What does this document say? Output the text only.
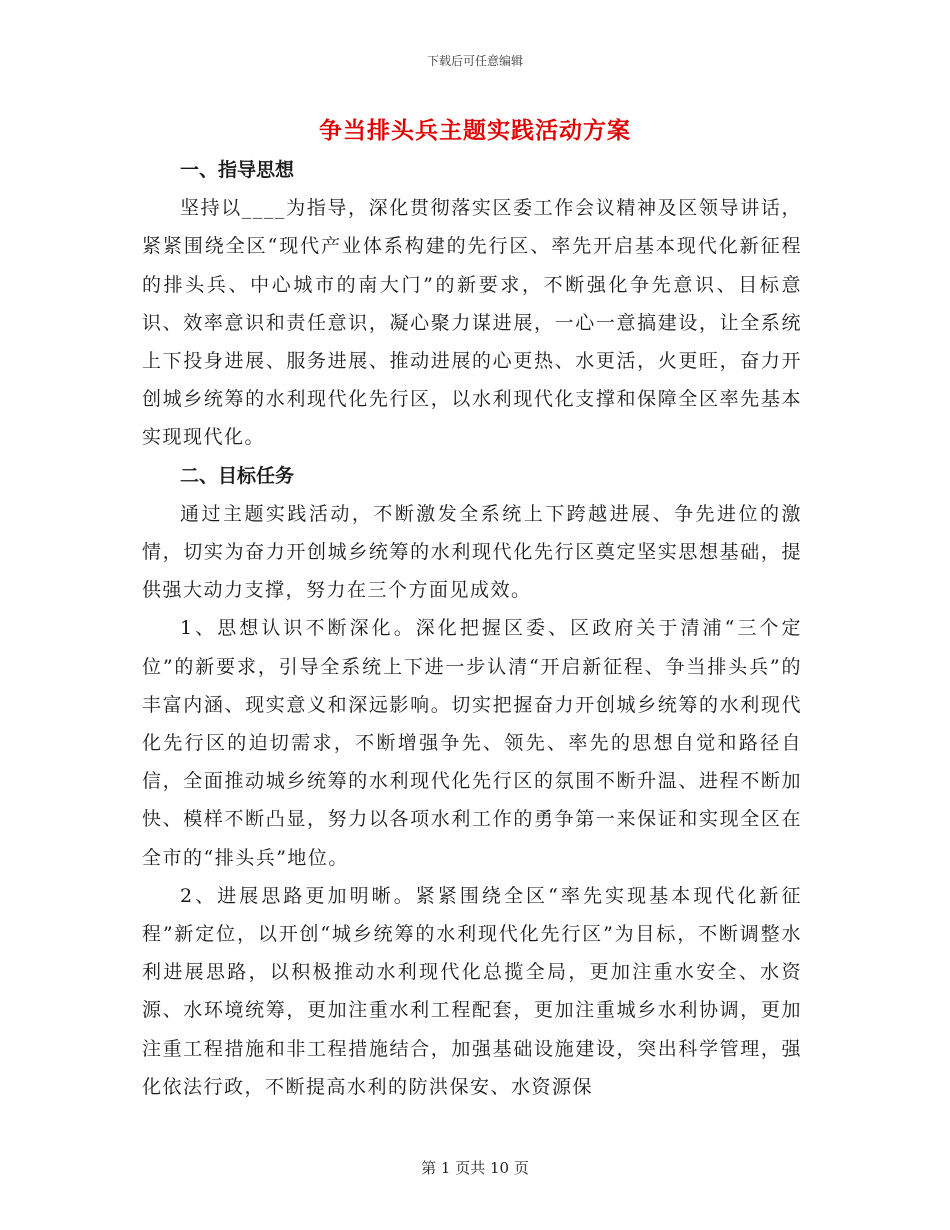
下载后可任意编辑
争当排头兵主题实践活动方案

一、指导思想

坚持以____为指导，深化贯彻落实区委工作会议精神及区领导讲话，紧紧围绕全区“现代产业体系构建的先行区、率先开启基本现代化新征程的排头兵、中心城市的南大门”的新要求，不断强化争先意识、目标意识、效率意识和责任意识，凝心聚力谋进展，一心一意搞建设，让全系统上下投身进展、服务进展、推动进展的心更热、水更活，火更旺，奋力开创城乡统筹的水利现代化先行区，以水利现代化支撑和保障全区率先基本实现现代化。

二、目标任务

通过主题实践活动，不断激发全系统上下跨越进展、争先进位的激情，切实为奋力开创城乡统筹的水利现代化先行区奠定坚实思想基础，提供强大动力支撑，努力在三个方面见成效。

1、思想认识不断深化。深化把握区委、区政府关于清浦“三个定位”的新要求，引导全系统上下进一步认清“开启新征程、争当排头兵”的丰富内涵、现实意义和深远影响。切实把握奋力开创城乡统筹的水利现代化先行区的迫切需求，不断增强争先、领先、率先的思想自觉和路径自信，全面推动城乡统筹的水利现代化先行区的氛围不断升温、进程不断加快、模样不断凸显，努力以各项水利工作的勇争第一来保证和实现全区在全市的“排头兵”地位。

2、进展思路更加明晰。紧紧围绕全区“率先实现基本现代化新征程”新定位，以开创“城乡统筹的水利现代化先行区”为目标，不断调整水利进展思路，以积极推动水利现代化总揽全局，更加注重水安全、水资源、水环境统筹，更加注重水利工程配套，更加注重城乡水利协调，更加注重工程措施和非工程措施结合，加强基础设施建设，突出科学管理，强化依法行政，不断提高水利的防洪保安、水资源保

第 1 页共 10 页
